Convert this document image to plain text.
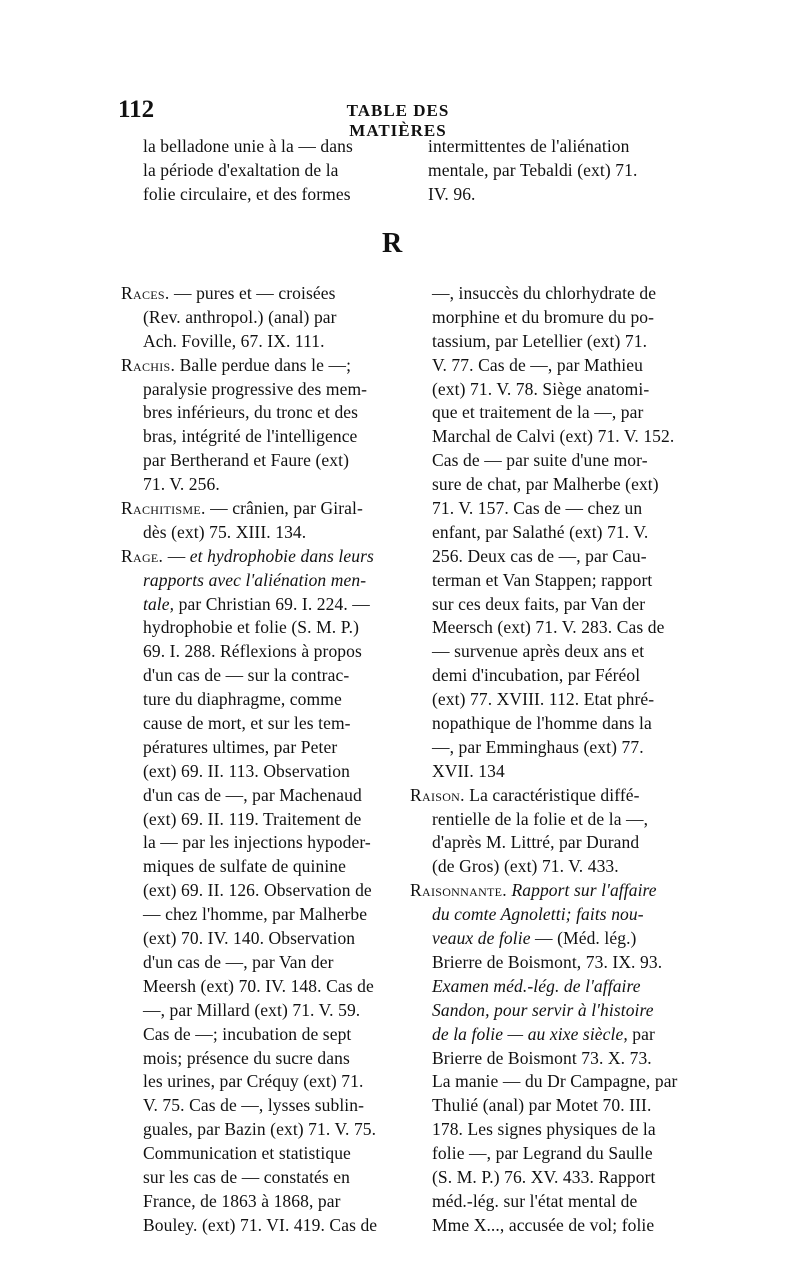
112	TABLE DES MATIÈRES
la belladone unie à la — dans
la période d'exaltation de la
folie circulaire, et des formes
intermittentes de l'aliénation
mentale, par Tebaldi (ext) 71.
IV. 96.
R
Races. — pures et — croisées
(Rev. anthropol.) (anal) par
Ach. Foville, 67. IX. 111.
Rachis. Balle perdue dans le —;
paralysie progressive des mem-
bres inférieurs, du tronc et des
bras, intégrité de l'intelligence
par Bertherand et Faure (ext)
71. V. 256.
Rachitisme. — crânien, par Giral-
dès (ext) 75. XIII. 134.
Rage. — et hydrophobie dans leurs
rapports avec l'aliénation men-
tale, par Christian 69. I. 224. —
hydrophobie et folie (S. M. P.)
69. I. 288. Réflexions à propos
d'un cas de — sur la contrac-
ture du diaphragme, comme
cause de mort, et sur les tem-
pératures ultimes, par Peter
(ext) 69. II. 113. Observation
d'un cas de —, par Machenaud
(ext) 69. II. 119. Traitement de
la — par les injections hypoder-
miques de sulfate de quinine
(ext) 69. II. 126. Observation de
— chez l'homme, par Malherbe
(ext) 70. IV. 140. Observation
d'un cas de —, par Van der
Meersh (ext) 70. IV. 148. Cas de
—, par Millard (ext) 71. V. 59.
Cas de —; incubation de sept
mois; présence du sucre dans
les urines, par Créquy (ext) 71.
V. 75. Cas de —, lysses sublin-
guales, par Bazin (ext) 71. V. 75.
Communication et statistique
sur les cas de — constatés en
France, de 1863 à 1868, par
Bouley. (ext) 71. VI. 419. Cas de
—, insuccès du chlorhydrate de
morphine et du bromure du po-
tassium, par Letellier (ext) 71.
V. 77. Cas de —, par Mathieu
(ext) 71. V. 78. Siège anatomi-
que et traitement de la —, par
Marchal de Calvi (ext) 71. V. 152.
Cas de — par suite d'une mor-
sure de chat, par Malherbe (ext)
71. V. 157. Cas de — chez un
enfant, par Salathé (ext) 71. V.
256. Deux cas de —, par Cau-
terman et Van Stappen; rapport
sur ces deux faits, par Van der
Meersch (ext) 71. V. 283. Cas de
— survenue après deux ans et
demi d'incubation, par Féréol
(ext) 77. XVIII. 112. Etat phré-
nopathique de l'homme dans la
—, par Emminghaus (ext) 77.
XVII. 134
Raison. La caractéristique diffé-
rentielle de la folie et de la —,
d'après M. Littré, par Durand
(de Gros) (ext) 71. V. 433.
Raisonnante. Rapport sur l'affaire
du comte Agnoletti; faits nou-
veaux de folie — (Méd. lég.)
Brierre de Boismont, 73. IX. 93.
Examen méd.-lég. de l'affaire
Sandon, pour servir à l'histoire
de la folie — au xixe siècle, par
Brierre de Boismont 73. X. 73.
La manie — du Dr Campagne, par
Thulié (anal) par Motet 70. III.
178. Les signes physiques de la
folie —, par Legrand du Saulle
(S. M. P.) 76. XV. 433. Rapport
méd.-lég. sur l'état mental de
Mme X..., accusée de vol; folie
